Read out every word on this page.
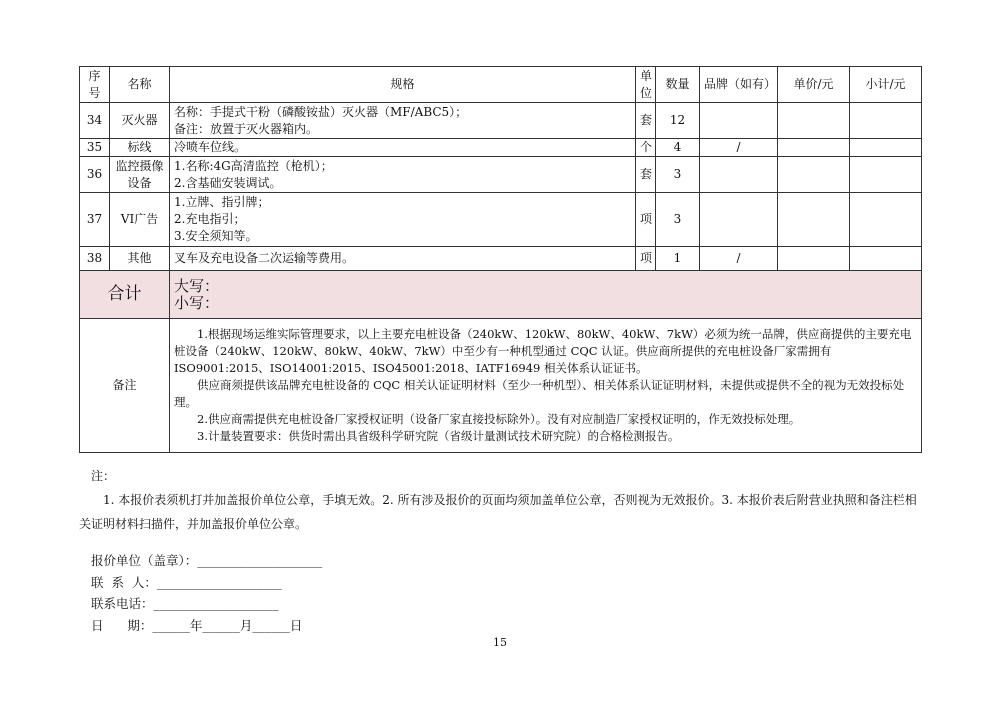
序号	名称	规格	单位	数量	品牌（如有）	单价/元	小计/元
34	灭火器	名称：手提式干粉（磷酸铵盐）灭火器（MF/ABC5）；
备注：放置于灭火器箱内。	套	12			
35	标线	冷喷车位线。	个	4	/		
36	监控摄像设备	1.名称:4G高清监控（枪机）；
2.含基础安装调试。	套	3			
37	VI广告	1.立牌、指引牌；
2.充电指引；
3.安全须知等。	项	3			
38	其他	叉车及充电设备二次运输等费用。	项	1	/		
合计		大写：
小写：					

备注		1.根据现场运维实际管理要求，以上主要充电桩设备（240kW、120kW、80kW、40kW、7kW）必须为统一品牌，供应商提供的主要充电桩设备（240kW、120kW、80kW、40kW、7kW）中至少有一种机型通过 CQC 认证。供应商所提供的充电桩设备厂家需拥有 ISO9001:2015、ISO14001:2015、ISO45001:2018、IATF16949 相关体系认证证书。

供应商须提供该品牌充电桩设备的 CQC 相关认证证明材料（至少一种机型）、相关体系认证证明材料，未提供或提供不全的视为无效投标处理。

2.供应商需提供充电桩设备厂家授权证明（设备厂家直接投标除外）。没有对应制造厂家授权证明的，作无效投标处理。

3.计量装置要求：供货时需出具省级科学研究院（省级计量测试技术研究院）的合格检测报告。					

注：

1. 本报价表须机打并加盖报价单位公章，手填无效。2. 所有涉及报价的页面均须加盖单位公章，否则视为无效报价。3. 本报价表后附营业执照和备注栏相关证明材料扫描件，并加盖报价单位公章。

报价单位（盖章）：____________________
联  系  人：____________________
联系电话：____________________
日      期：______年______月______日
15
